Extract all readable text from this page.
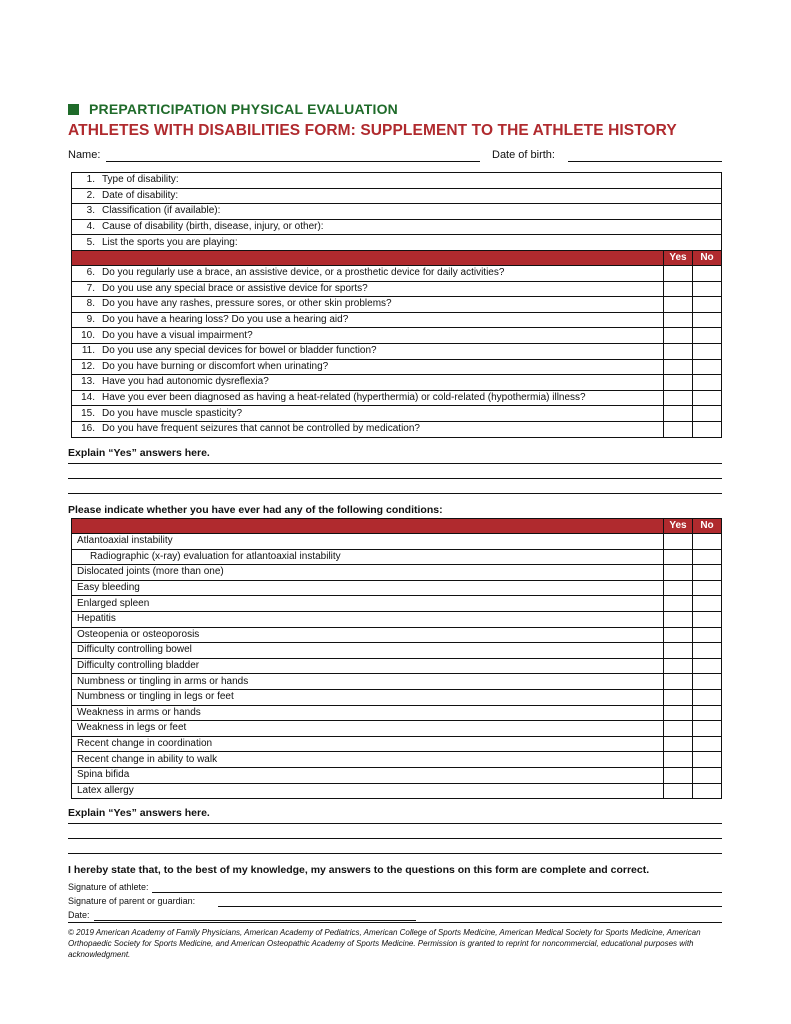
PREPARTICIPATION PHYSICAL EVALUATION
ATHLETES WITH DISABILITIES FORM: SUPPLEMENT TO THE ATHLETE HISTORY
Name:	Date of birth:
1.	Type of disability:		
2.	Date of disability:		
3.	Classification (if available):		
4.	Cause of disability (birth, disease, injury, or other):		
5.	List the sports you are playing:		
		Yes	No
6.	Do you regularly use a brace, an assistive device, or a prosthetic device for daily activities?		
7.	Do you use any special brace or assistive device for sports?		
8.	Do you have any rashes, pressure sores, or other skin problems?		
9.	Do you have a hearing loss? Do you use a hearing aid?		
10.	Do you have a visual impairment?		
11.	Do you use any special devices for bowel or bladder function?		
12.	Do you have burning or discomfort when urinating?		
13.	Have you had autonomic dysreflexia?		
14.	Have you ever been diagnosed as having a heat-related (hyperthermia) or cold-related (hypothermia) illness?		
15.	Do you have muscle spasticity?		
16.	Do you have frequent seizures that cannot be controlled by medication?		
Explain “Yes” answers here.
Please indicate whether you have ever had any of the following conditions:
	Yes	No
Atlantoaxial instability		
Radiographic (x-ray) evaluation for atlantoaxial instability		
Dislocated joints (more than one)		
Easy bleeding		
Enlarged spleen		
Hepatitis		
Osteopenia or osteoporosis		
Difficulty controlling bowel		
Difficulty controlling bladder		
Numbness or tingling in arms or hands		
Numbness or tingling in legs or feet		
Weakness in arms or hands		
Weakness in legs or feet		
Recent change in coordination		
Recent change in ability to walk		
Spina bifida		
Latex allergy		
Explain “Yes” answers here.
I hereby state that, to the best of my knowledge, my answers to the questions on this form are complete and correct.
Signature of athlete:
Signature of parent or guardian:
Date:
© 2019 American Academy of Family Physicians, American Academy of Pediatrics, American College of Sports Medicine, American Medical Society for Sports Medicine, American Orthopaedic Society for Sports Medicine, and American Osteopathic Academy of Sports Medicine. Permission is granted to reprint for noncommercial, educational purposes with acknowledgment.
